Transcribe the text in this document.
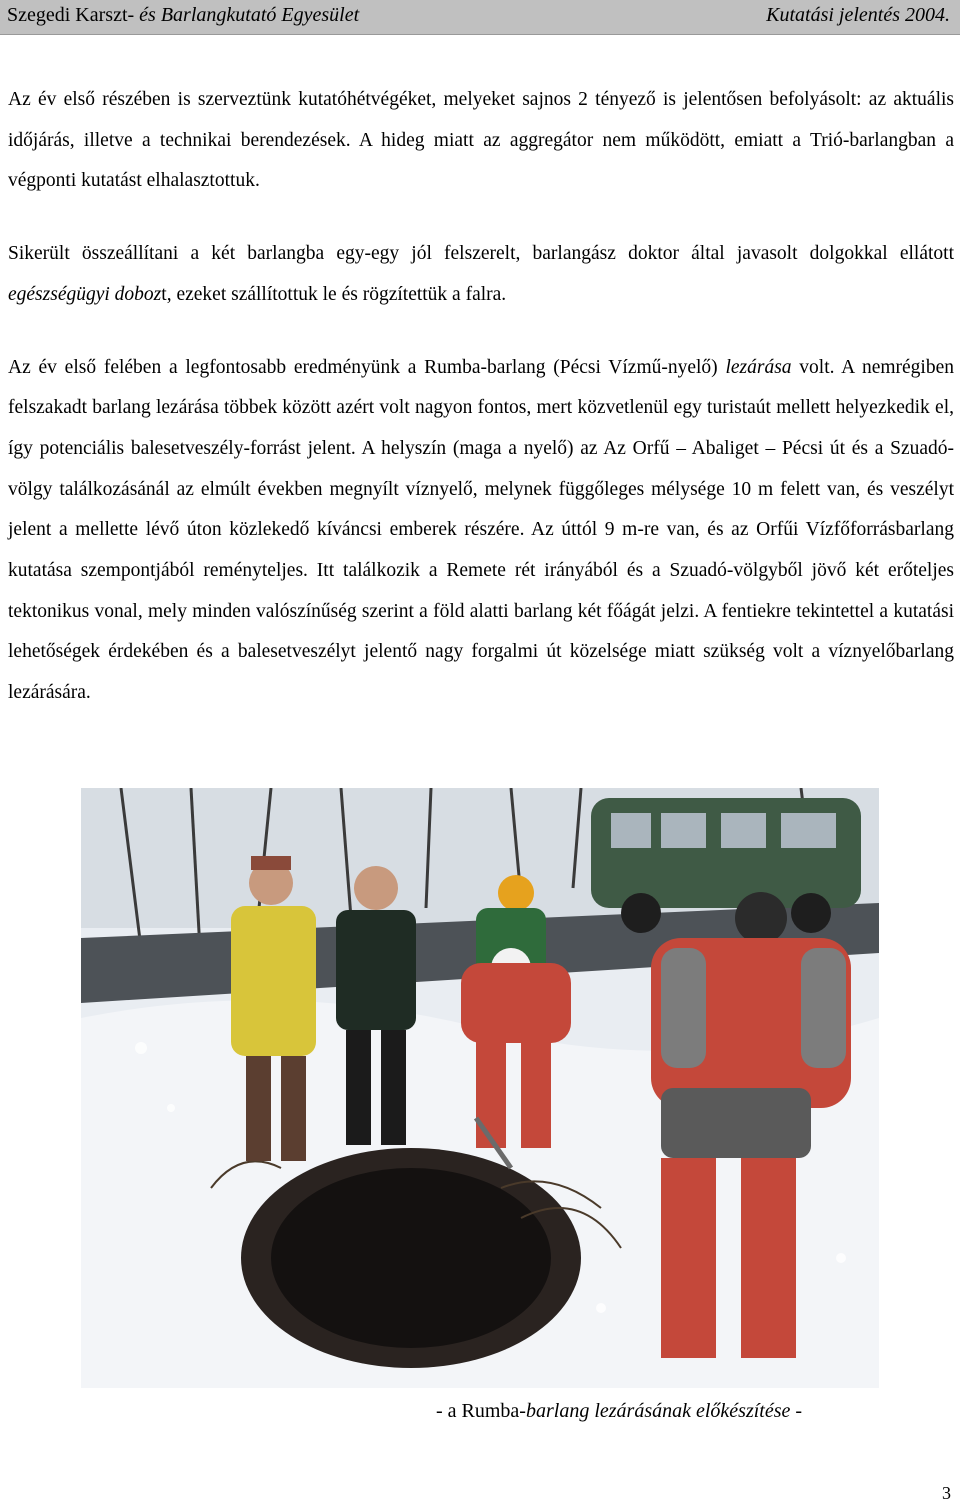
Szegedi Karszt- és Barlangkutató Egyesület	Kutatási jelentés 2004.

Az év első részében is szerveztünk kutatóhétvégéket, melyeket sajnos 2 tényező is jelentősen befolyásolt: az aktuális időjárás, illetve a technikai berendezések. A hideg miatt az aggregátor nem működött, emiatt a Trió-barlangban a végponti kutatást elhalasztottuk.

Sikerült összeállítani a két barlangba egy-egy jól felszerelt, barlangász doktor által javasolt dolgokkal ellátott egészségügyi dobozt, ezeket szállítottuk le és rögzítettük a falra.

Az év első felében a legfontosabb eredményünk a Rumba-barlang (Pécsi Vízmű-nyelő) lezárása volt. A nemrégiben felszakadt barlang lezárása többek között azért volt nagyon fontos, mert közvetlenül egy turistaút mellett helyezkedik el, így potenciális balesetveszély-forrást jelent. A helyszín (maga a nyelő) az Az Orfű – Abaliget – Pécsi út és a Szuadó-völgy találkozásánál az elmúlt években megnyílt víznyelő, melynek függőleges mélysége 10 m felett van, és veszélyt jelent a mellette lévő úton közlekedő kíváncsi emberek részére. Az úttól 9 m-re van, és az Orfűi Vízfőforrásbarlang kutatása szempontjából reményteljes. Itt találkozik a Remete rét irányából és a Szuadó-völgyből jövő két erőteljes tektonikus vonal, mely minden valószínűség szerint a föld alatti barlang két főágát jelzi. A fentiekre tekintettel a kutatási lehetőségek érdekében és a balesetveszélyt jelentő nagy forgalmi út közelsége miatt szükség volt a víznyelőbarlang lezárására.

- a Rumba-barlang lezárásának előkészítése -
3
